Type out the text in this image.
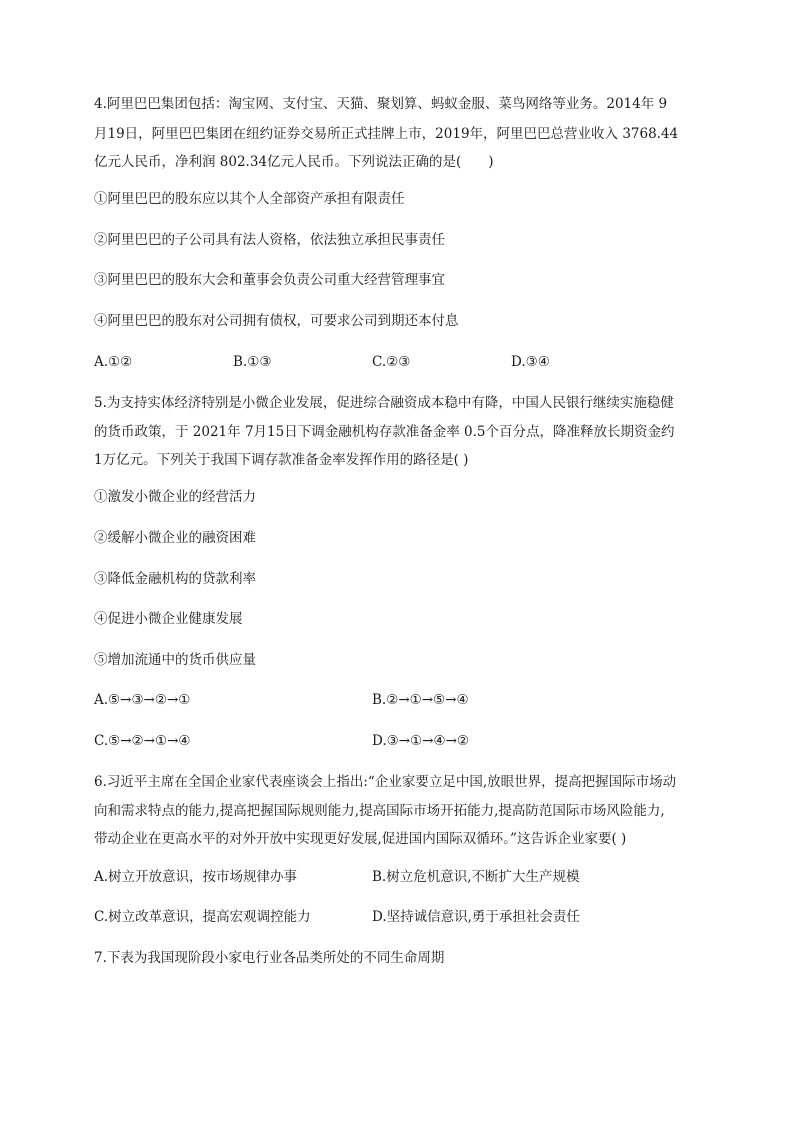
4.阿里巴巴集团包括：淘宝网、支付宝、天猫、聚划算、蚂蚁金服、菜鸟网络等业务。2014年 9
月19日，阿里巴巴集团在纽约证券交易所正式挂牌上市，2019年，阿里巴巴总营业收入 3768.44
亿元人民币，净利润 802.34亿元人民币。下列说法正确的是(　　)
①阿里巴巴的股东应以其个人全部资产承担有限责任
②阿里巴巴的子公司具有法人资格，依法独立承担民事责任
③阿里巴巴的股东大会和董事会负责公司重大经营管理事宜
④阿里巴巴的股东对公司拥有债权，可要求公司到期还本付息
A.①②	B.①③	C.②③	D.③④
5.为支持实体经济特别是小微企业发展，促进综合融资成本稳中有降，中国人民银行继续实施稳健
的货币政策，于 2021年 7月15日下调金融机构存款准备金率 0.5个百分点，降准释放长期资金约
1万亿元。下列关于我国下调存款准备金率发挥作用的路径是( )
①激发小微企业的经营活力
②缓解小微企业的融资困难
③降低金融机构的贷款利率
④促进小微企业健康发展
⑤增加流通中的货币供应量
A.⑤→③→②→①	B.②→①→⑤→④
C.⑤→②→①→④	D.③→①→④→②
6.习近平主席在全国企业家代表座谈会上指出:“企业家要立足中国,放眼世界，提高把握国际市场动
向和需求特点的能力,提高把握国际规则能力,提高国际市场开拓能力,提高防范国际市场风险能力,
带动企业在更高水平的对外开放中实现更好发展,促进国内国际双循环。”这告诉企业家要( )
A.树立开放意识，按市场规律办事	B.树立危机意识,不断扩大生产规模
C.树立改革意识，提高宏观调控能力	D.坚持诚信意识,勇于承担社会责任
7.下表为我国现阶段小家电行业各品类所处的不同生命周期
